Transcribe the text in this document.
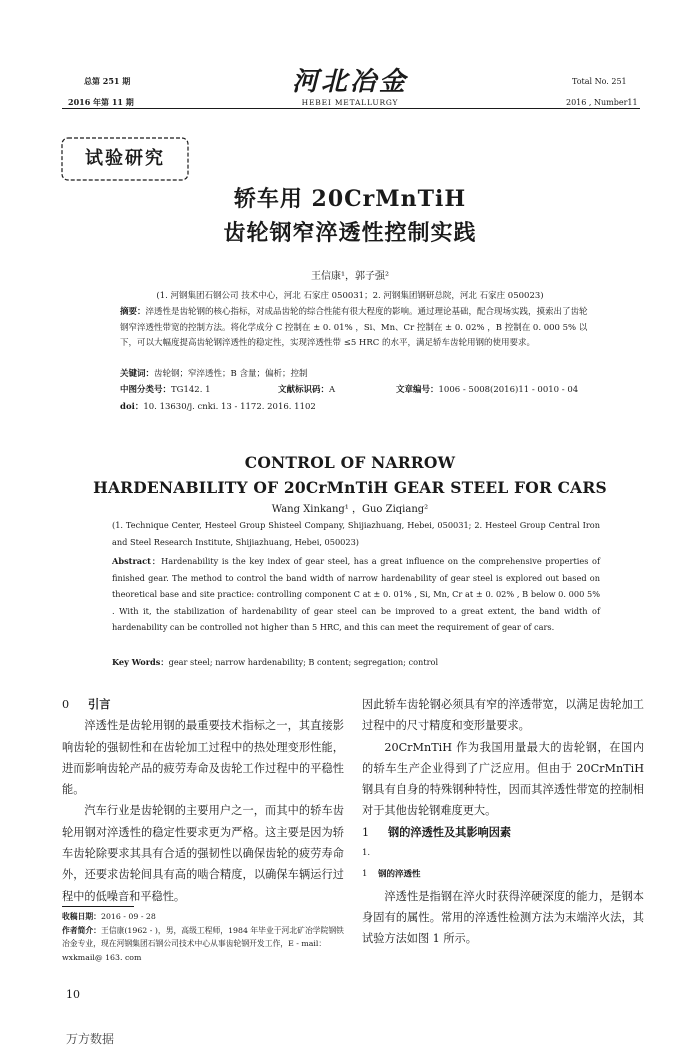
总第 251 期
2016 年第 11 期
河北冶金
HEBEI METALLURGY
Total No. 251
2016 , Number11
试验研究
轿车用 20CrMnTiH
齿轮钢窄淬透性控制实践
王信康¹，郭子强²
(1. 河钢集团石钢公司 技术中心，河北 石家庄 050031；2. 河钢集团钢研总院，河北 石家庄 050023)
摘要：淬透性是齿轮钢的核心指标，对成品齿轮的综合性能有很大程度的影响。通过理论基础，配合现场实践，摸索出了齿轮钢窄淬透性带宽的控制方法。将化学成分 C 控制在 ± 0. 01% ，Si、Mn、Cr 控制在 ± 0. 02% ，B 控制在 0. 000 5% 以下，可以大幅度提高齿轮钢淬透性的稳定性，实现淬透性带 ≤5 HRC 的水平，满足轿车齿轮用钢的使用要求。
关键词：齿轮钢；窄淬透性；B 含量；偏析；控制
中图分类号：TG142. 1	文献标识码：A	文章编号：1006 - 5008(2016)11 - 0010 - 04
doi：10. 13630/j. cnki. 13 - 1172. 2016. 1102
CONTROL OF NARROW
HARDENABILITY OF 20CrMnTiH GEAR STEEL FOR CARS
Wang Xinkang¹ ，Guo Ziqiang²
(1. Technique Center, Hesteel Group Shisteel Company, Shijiazhuang, Hebei, 050031; 2. Hesteel Group Central Iron and Steel Research Institute, Shijiazhuang, Hebei, 050023)
Abstract：Hardenability is the key index of gear steel, has a great influence on the comprehensive properties of finished gear. The method to control the band width of narrow hardenability of gear steel is explored out based on theoretical base and site practice: controlling component C at ± 0. 01% , Si, Mn, Cr at ± 0. 02% , B below 0. 000 5% . With it, the stabilization of hardenability of gear steel can be improved to a great extent, the band width of hardenability can be controlled not higher than 5 HRC, and this can meet the requirement of gear of cars.
Key Words：gear steel; narrow hardenability; B content; segregation; control

0 引言

淬透性是齿轮用钢的最重要技术指标之一，其直接影响齿轮的强韧性和在齿轮加工过程中的热处理变形性能，进而影响齿轮产品的疲劳寿命及齿轮工作过程中的平稳性能。

汽车行业是齿轮钢的主要用户之一，而其中的轿车齿轮用钢对淬透性的稳定性要求更为严格。这主要是因为轿车齿轮除要求其具有合适的强韧性以确保齿轮的疲劳寿命外，还要求齿轮间具有高的啮合精度，以确保车辆运行过程中的低噪音和平稳性。

收稿日期：2016 - 09 - 28
作者简介：王信康(1962 - )，男，高级工程师，1984 年毕业于河北矿冶学院钢铁冶金专业，现在河钢集团石钢公司技术中心从事齿轮钢开发工作，E - mail：wxkmail@ 163. com

因此轿车齿轮钢必须具有窄的淬透带宽，以满足齿轮加工过程中的尺寸精度和变形量要求。

20CrMnTiH 作为我国用量最大的齿轮钢，在国内的轿车生产企业得到了广泛应用。但由于 20CrMnTiH 钢具有自身的特殊钢种特性，因而其淬透性带宽的控制相对于其他齿轮钢难度更大。

1 钢的淬透性及其影响因素

1. 1 钢的淬透性

淬透性是指钢在淬火时获得淬硬深度的能力，是钢本身固有的属性。常用的淬透性检测方法为末端淬火法，其试验方法如图 1 所示。

10
万方数据
